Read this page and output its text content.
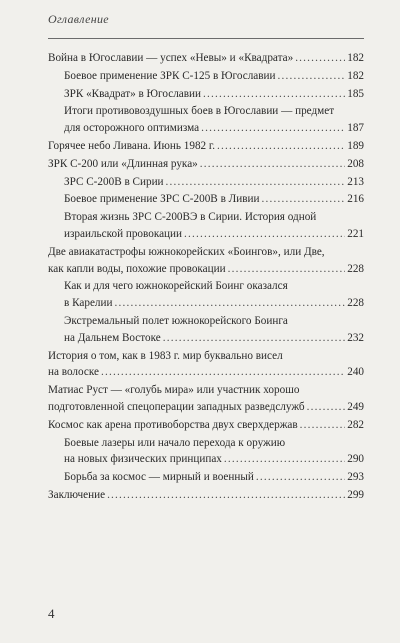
Оглавление
Война в Югославии — успех «Невы» и «Квадрата» .....	182
Боевое применение ЗРК С-125 в Югославии .....	182
ЗРК «Квадрат» в Югославии .....	185
Итоги противовоздушных боев в Югославии — предмет
для осторожного оптимизма .....	187
Горячее небо Ливана. Июнь 1982 г. .....	189
ЗРК С-200 или «Длинная рука» .....	208
ЗРС С-200В в Сирии .....	213
Боевое применение ЗРС С-200В в Ливии .....	216
Вторая жизнь ЗРС С-200ВЭ в Сирии. История одной
израильской провокации .....	221
Две авиакатастрофы южнокорейских «Боингов», или Две,
как капли воды, похожие провокации .....	228
Как и для чего южнокорейский Боинг оказался
в Карелии .....	228
Экстремальный полет южнокорейского Боинга
на Дальнем Востоке .....	232
История о том, как в 1983 г. мир буквально висел
на волоске .....	240
Матиас Руст — «голубь мира» или участник хорошо
подготовленной спецоперации западных разведслужб .....	249
Космос как арена противоборства двух сверхдержав .....	282
Боевые лазеры или начало перехода к оружию
на новых физических принципах .....	290
Борьба за космос — мирный и военный .....	293
Заключение .....	299
4
